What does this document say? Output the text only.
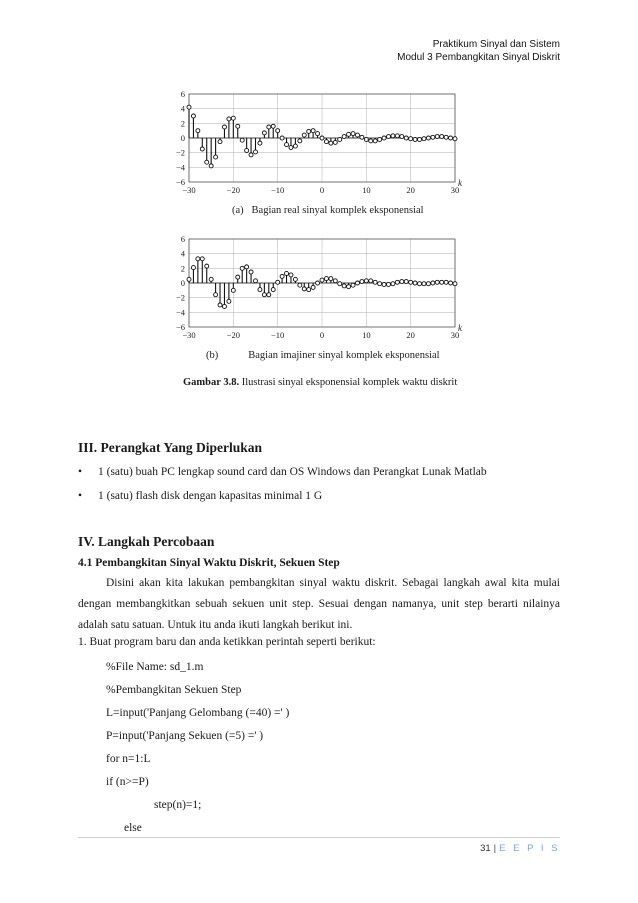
Praktikum Sinyal dan Sistem
Modul 3 Pembangkitan Sinyal Diskrit
6
4
2
0
−2
−4
−6
−30	−20	−10	0	10	20	30
k
(a) Bagian real sinyal komplek eksponensial
6
4
2
0
−2
−4
−6
−30	−20	−10	0	10	20	30
k
(b)	Bagian imajiner sinyal komplek eksponensial
Gambar 3.8. Ilustrasi sinyal eksponensial komplek waktu diskrit
III. Perangkat Yang Diperlukan
• 1 (satu) buah PC lengkap sound card dan OS Windows dan Perangkat Lunak Matlab
• 1 (satu) flash disk dengan kapasitas minimal 1 G
IV. Langkah Percobaan
4.1 Pembangkitan Sinyal Waktu Diskrit, Sekuen Step
Disini akan kita lakukan pembangkitan sinyal waktu diskrit. Sebagai langkah awal kita mulai dengan membangkitkan sebuah sekuen unit step. Sesuai dengan namanya, unit step berarti nilainya adalah satu satuan. Untuk itu anda ikuti langkah berikut ini.
1. Buat program baru dan anda ketikkan perintah seperti berikut:
%File Name: sd_1.m
%Pembangkitan Sekuen Step
L=input('Panjang Gelombang (=40) =' )
P=input('Panjang Sekuen (=5) =' )
for n=1:L
if (n>=P)
step(n)=1;
else
31 | E E P I S
